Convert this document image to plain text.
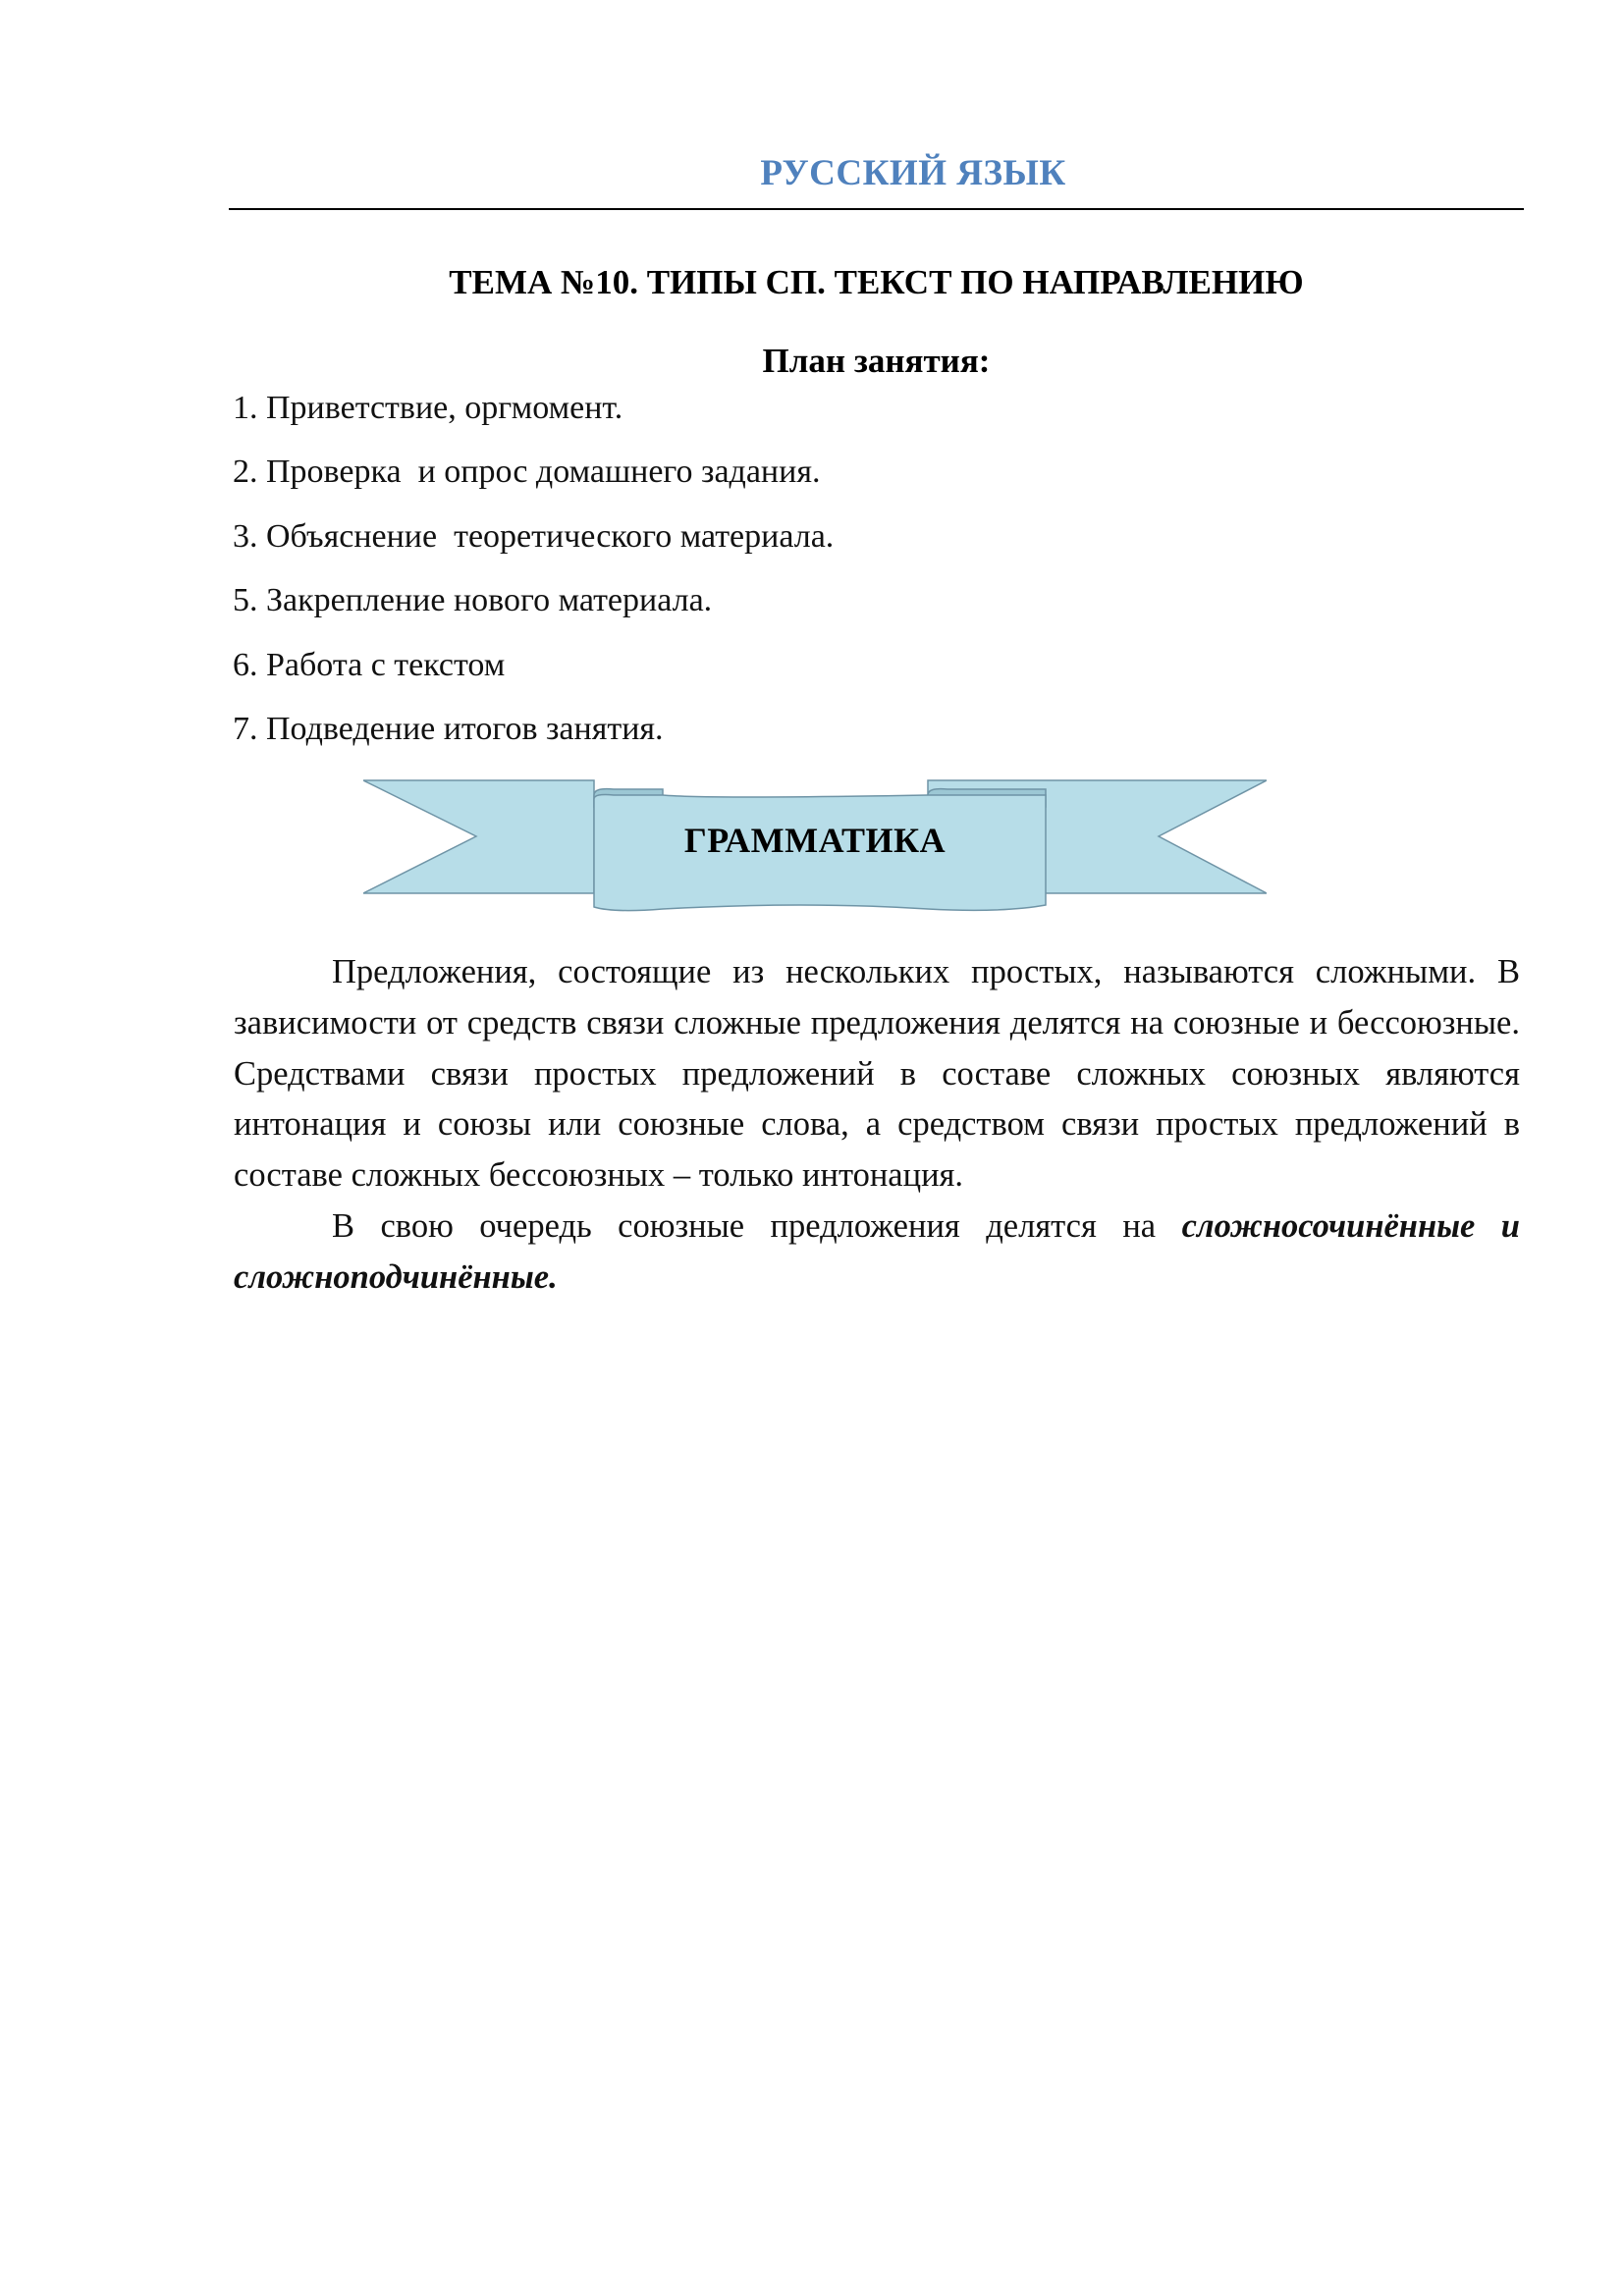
РУССКИЙ ЯЗЫК
ТЕМА №10. ТИПЫ СП. ТЕКСТ ПО НАПРАВЛЕНИЮ
План занятия:
1. Приветствие, оргмомент.
2. Проверка  и опрос домашнего задания.
3. Объяснение  теоретического материала.
5. Закрепление нового материала.
6. Работа с текстом
7. Подведение итогов занятия.
ГРАММАТИКА

Предложения, состоящие из нескольких простых, называются сложными. В зависимости от средств связи сложные предложения делятся на союзные и бессоюзные. Средствами связи простых предложений в составе сложных союзных являются интонация и союзы или союзные слова, а средством связи простых предложений в составе сложных бессоюзных – только интонация.

В свою очередь союзные предложения делятся на сложносочинённые и сложноподчинённые.
